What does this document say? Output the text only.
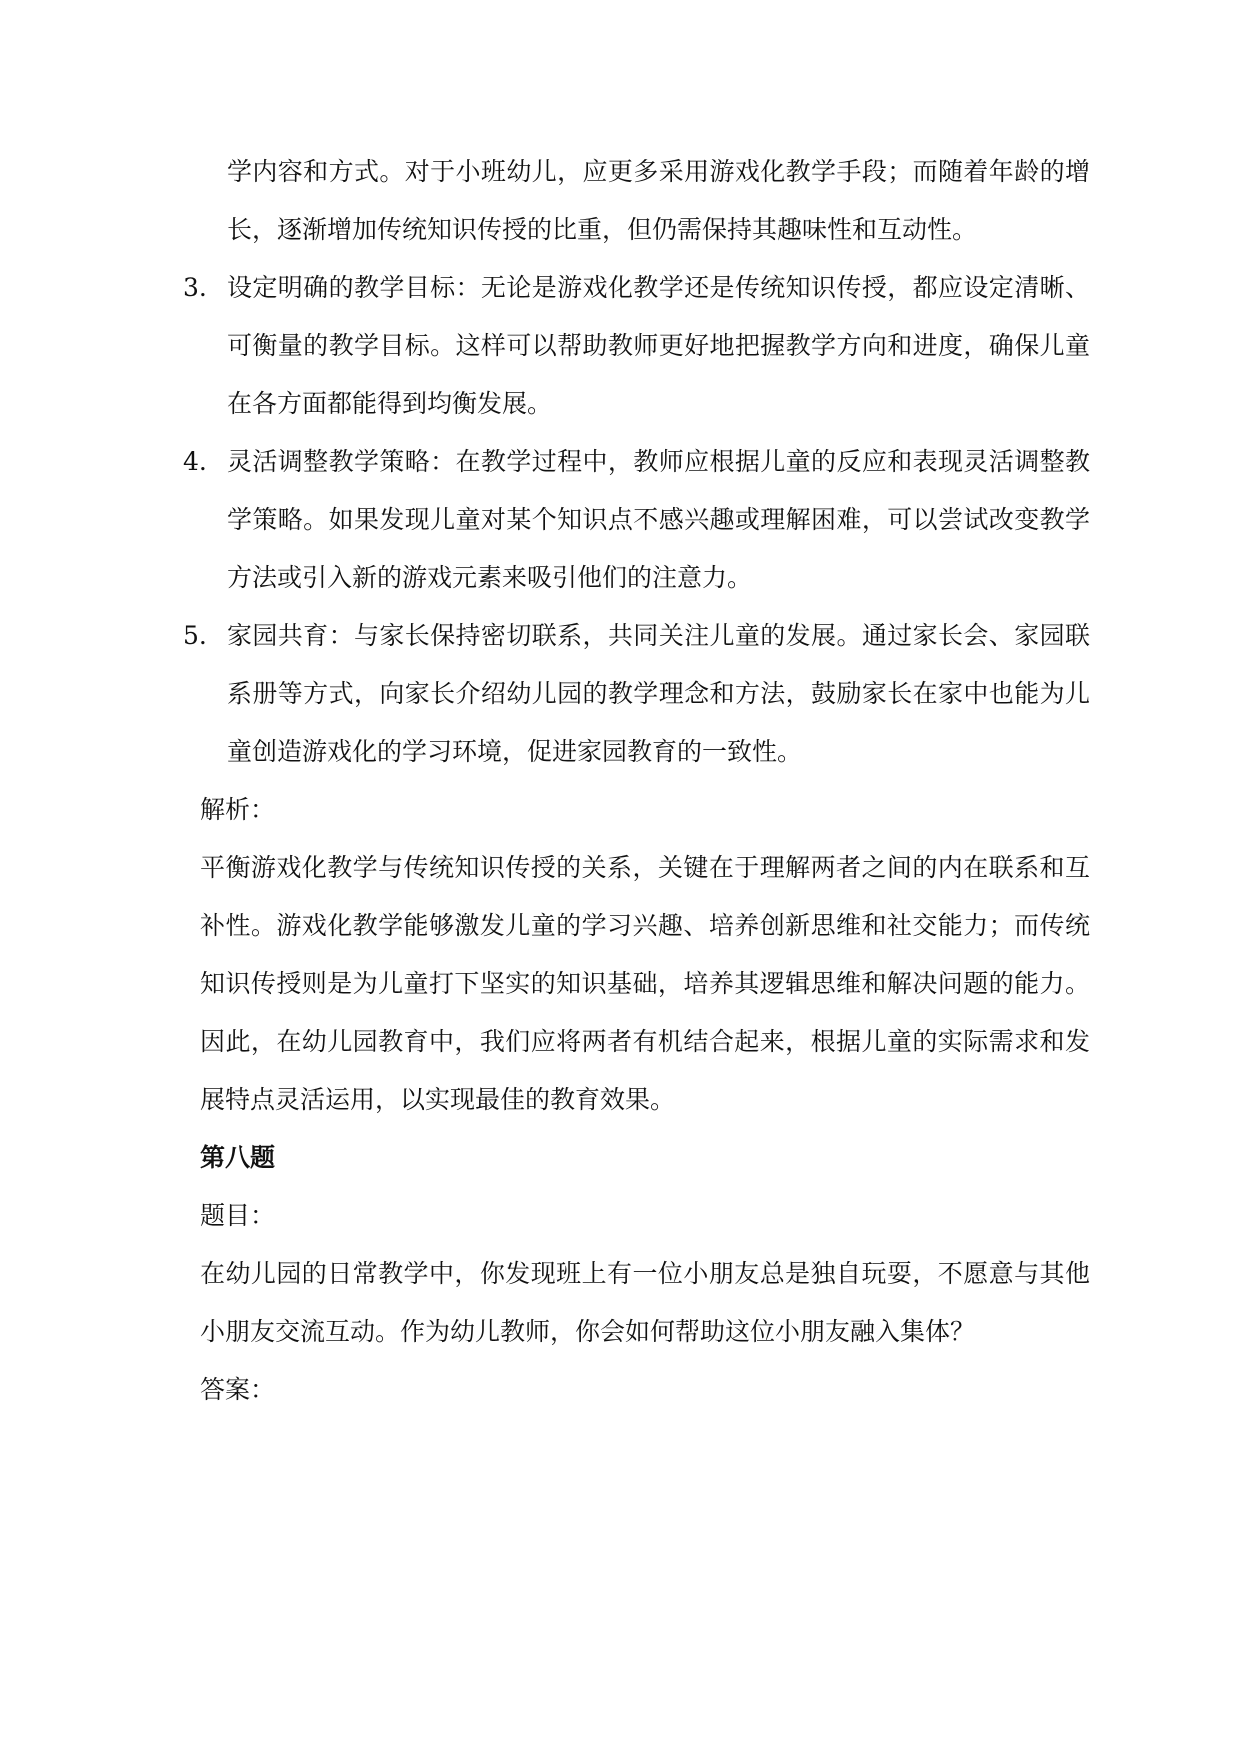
学内容和方式。对于小班幼儿，应更多采用游戏化教学手段；而随着年龄的增长，逐渐增加传统知识传授的比重，但仍需保持其趣味性和互动性。

3. 设定明确的教学目标：无论是游戏化教学还是传统知识传授，都应设定清晰、可衡量的教学目标。这样可以帮助教师更好地把握教学方向和进度，确保儿童在各方面都能得到均衡发展。
4. 灵活调整教学策略：在教学过程中，教师应根据儿童的反应和表现灵活调整教学策略。如果发现儿童对某个知识点不感兴趣或理解困难，可以尝试改变教学方法或引入新的游戏元素来吸引他们的注意力。
5. 家园共育：与家长保持密切联系，共同关注儿童的发展。通过家长会、家园联系册等方式，向家长介绍幼儿园的教学理念和方法，鼓励家长在家中也能为儿童创造游戏化的学习环境，促进家园教育的一致性。

解析：

平衡游戏化教学与传统知识传授的关系，关键在于理解两者之间的内在联系和互补性。游戏化教学能够激发儿童的学习兴趣、培养创新思维和社交能力；而传统知识传授则是为儿童打下坚实的知识基础，培养其逻辑思维和解决问题的能力。因此，在幼儿园教育中，我们应将两者有机结合起来，根据儿童的实际需求和发展特点灵活运用，以实现最佳的教育效果。

第八题

题目：

在幼儿园的日常教学中，你发现班上有一位小朋友总是独自玩耍，不愿意与其他小朋友交流互动。作为幼儿教师，你会如何帮助这位小朋友融入集体？

答案：
